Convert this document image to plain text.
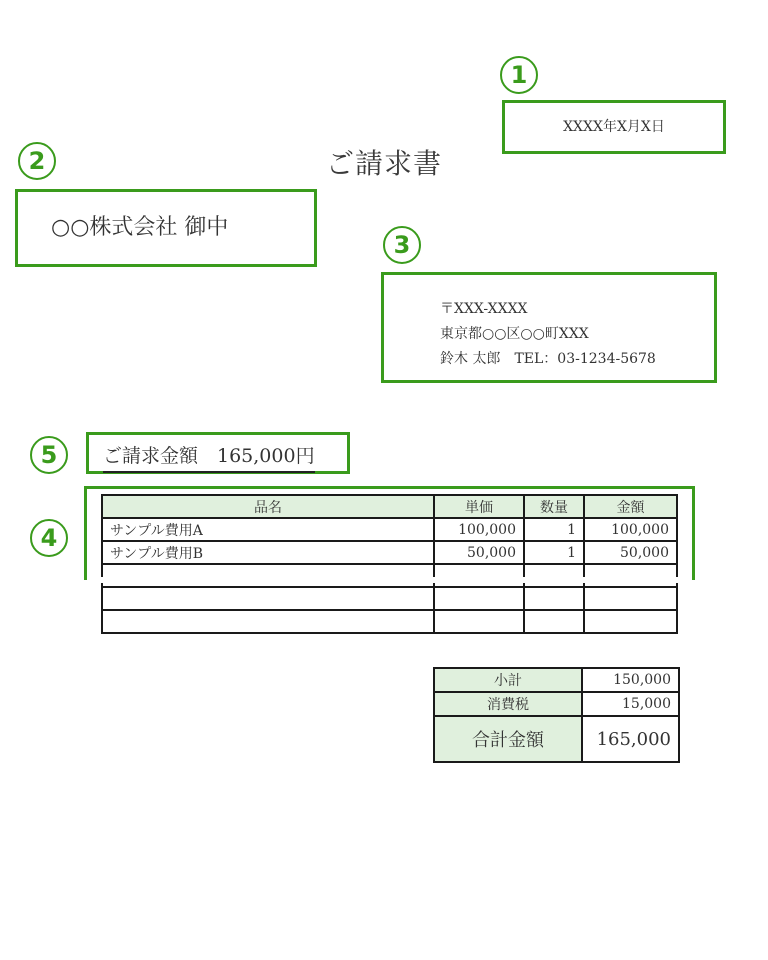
ご請求書
1
XXXX年X月X日
2
○○株式会社 御中
3
〒XXX-XXXX
東京都○○区○○町XXX
鈴木 太郎　TEL：03-1234-5678
5	ご請求金額　165,000円
4
品名	単価	数量	金額
サンプル費用A	100,000	1	100,000
サンプル費用B	50,000	1	50,000

小計	150,000
消費税	15,000
合計金額	165,000
